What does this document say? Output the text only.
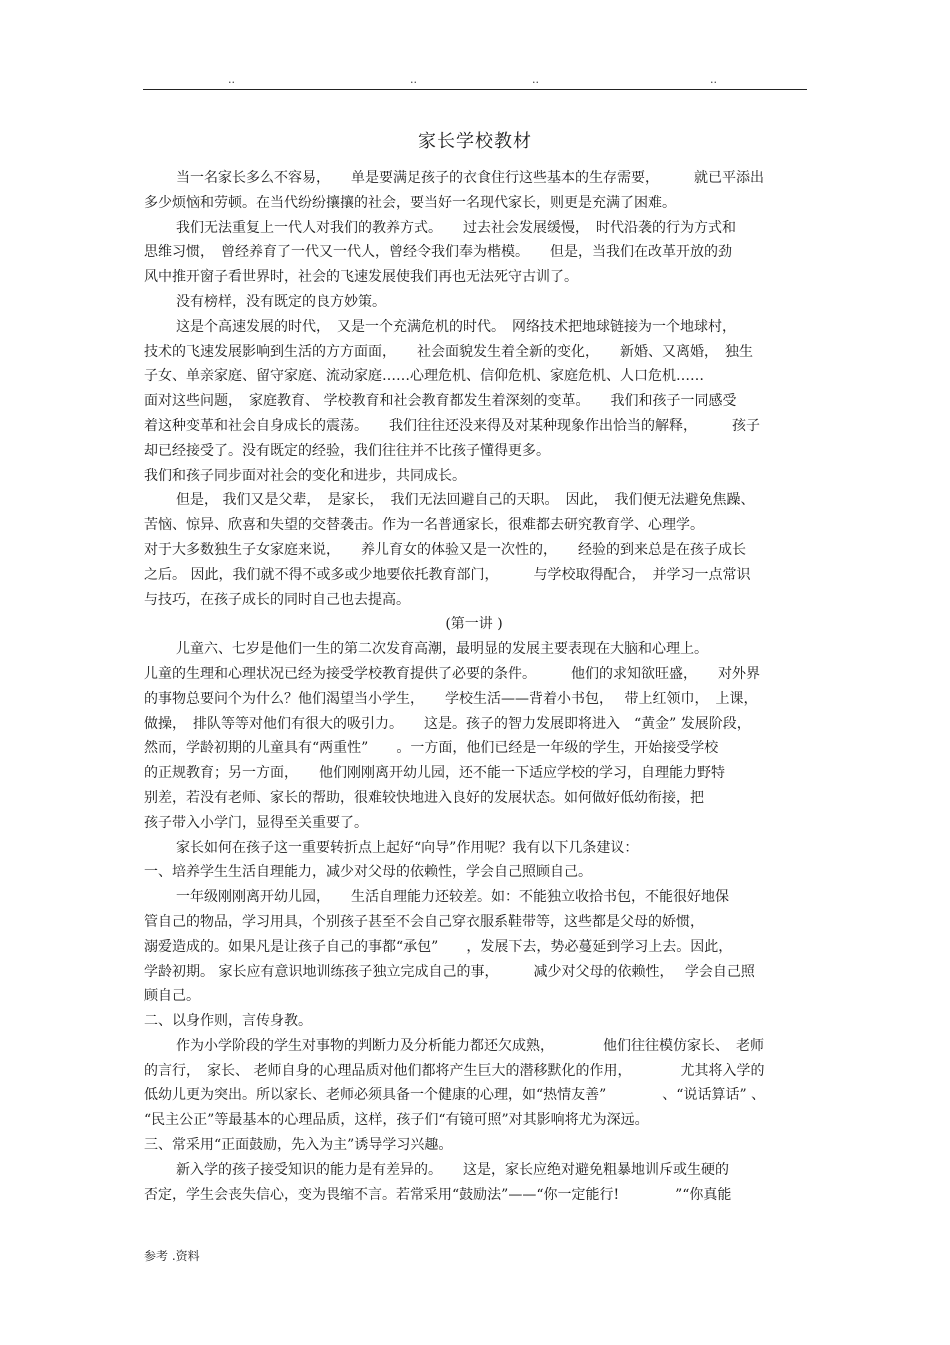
..	..	..	..
家长学校教材
当一名家长多么不容易，　　单是要满足孩子的衣食住行这些基本的生存需要，　　　就已平添出
多少烦恼和劳顿。在当代纷纷攘攘的社会，要当好一名现代家长，则更是充满了困难。
我们无法重复上一代人对我们的教养方式。　　过去社会发展缓慢，　时代沿袭的行为方式和
思维习惯，　曾经养育了一代又一代人，曾经令我们奉为楷模。　　但是，当我们在改革开放的劲
风中推开窗子看世界时，社会的飞速发展使我们再也无法死守古训了。
没有榜样，没有既定的良方妙策。
这是个高速发展的时代，　又是一个充满危机的时代。　网络技术把地球链接为一个地球村，
技术的飞速发展影响到生活的方方面面，　　社会面貌发生着全新的变化，　　新婚、又离婚，　独生
子女、单亲家庭、留守家庭、流动家庭……心理危机、信仰危机、家庭危机、人口危机……
面对这些问题，　家庭教育、 学校教育和社会教育都发生着深刻的变革。　　我们和孩子一同感受
着这种变革和社会自身成长的震荡。　　我们往往还没来得及对某种现象作出恰当的解释，　　　孩子
却已经接受了。没有既定的经验，我们往往并不比孩子懂得更多。
我们和孩子同步面对社会的变化和进步，共同成长。
但是， 我们又是父辈，　是家长，　我们无法回避自己的天职。　因此，　我们便无法避免焦躁、
苦恼、惊异、欣喜和失望的交替袭击。作为一名普通家长，很难都去研究教育学、心理学。
对于大多数独生子女家庭来说，　　养儿育女的体验又是一次性的，　　经验的到来总是在孩子成长
之后。 因此，我们就不得不或多或少地要依托教育部门，　　　与学校取得配合，　并学习一点常识
与技巧，在孩子成长的同时自己也去提高。
(第一讲 )
儿童六、七岁是他们一生的第二次发育高潮，最明显的发展主要表现在大脑和心理上。
儿童的生理和心理状况已经为接受学校教育提供了必要的条件。　　　他们的求知欲旺盛，　　对外界
的事物总要问个为什么？他们渴望当小学生，　　学校生活——背着小书包，　 带上红领巾，　上课，
做操，　排队等等对他们有很大的吸引力。　　这是。孩子的智力发展即将进入　“黄金” 发展阶段，
然而，学龄初期的儿童具有“两重性”　　。一方面，他们已经是一年级的学生，开始接受学校
的正规教育；另一方面，　　他们刚刚离开幼儿园，还不能一下适应学校的学习，自理能力野特
别差，若没有老师、家长的帮助，很难较快地进入良好的发展状态。如何做好低幼衔接，把
孩子带入小学门，显得至关重要了。
家长如何在孩子这一重要转折点上起好“向导”作用呢？我有以下几条建议：
一、培养学生生活自理能力，减少对父母的依赖性，学会自己照顾自己。
一年级刚刚离开幼儿园，　　生活自理能力还较差。如：不能独立收拾书包，不能很好地保
管自己的物品，学习用具，个别孩子甚至不会自己穿衣服系鞋带等，这些都是父母的娇惯，
溺爱造成的。如果凡是让孩子自己的事都“承包”　　，发展下去，势必蔓延到学习上去。因此，
学龄初期。 家长应有意识地训练孩子独立完成自己的事，　　　减少对父母的依赖性，　 学会自己照
顾自己。
二、以身作则，言传身教。
作为小学阶段的学生对事物的判断力及分析能力都还欠成熟，　　　　他们往往模仿家长、　老师
的言行，　家长、 老师自身的心理品质对他们都将产生巨大的潜移默化的作用，　　　　尤其将入学的
低幼儿更为突出。所以家长、老师必须具备一个健康的心理，如“热情友善”　　　　、“说话算话” 、
“民主公正”等最基本的心理品质，这样，孩子们“有镜可照”对其影响将尤为深远。
三、常采用“正面鼓励，先入为主”诱导学习兴趣。
新入学的孩子接受知识的能力是有差异的。　　这是，家长应绝对避免粗暴地训斥或生硬的
否定，学生会丧失信心，变为畏缩不言。若常采用“鼓励法”——“你一定能行!　　　　”“你真能
参考 .资料
